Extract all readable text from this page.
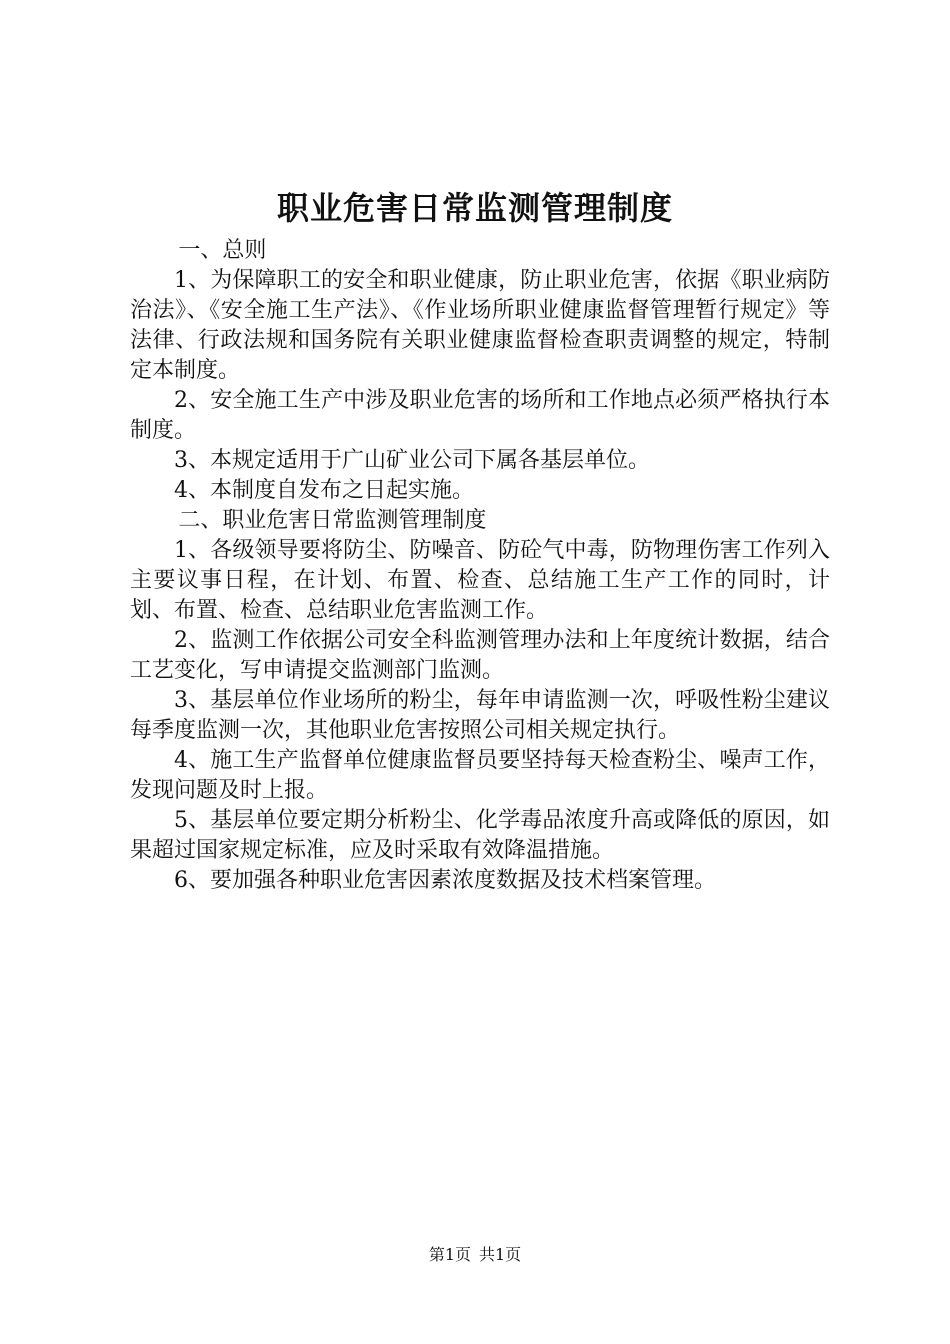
职业危害日常监测管理制度

一、总则

1、为保障职工的安全和职业健康，防止职业危害，依据《职业病防治法》、《安全施工生产法》、《作业场所职业健康监督管理暂行规定》等法律、行政法规和国务院有关职业健康监督检查职责调整的规定，特制定本制度。

2、安全施工生产中涉及职业危害的场所和工作地点必须严格执行本制度。

3、本规定适用于广山矿业公司下属各基层单位。

4、本制度自发布之日起实施。

二、职业危害日常监测管理制度

1、各级领导要将防尘、防噪音、防砼气中毒，防物理伤害工作列入主要议事日程，在计划、布置、检查、总结施工生产工作的同时，计划、布置、检查、总结职业危害监测工作。

2、监测工作依据公司安全科监测管理办法和上年度统计数据，结合工艺变化，写申请提交监测部门监测。

3、基层单位作业场所的粉尘，每年申请监测一次，呼吸性粉尘建议每季度监测一次，其他职业危害按照公司相关规定执行。

4、施工生产监督单位健康监督员要坚持每天检查粉尘、噪声工作，发现问题及时上报。

5、基层单位要定期分析粉尘、化学毒品浓度升高或降低的原因，如果超过国家规定标准，应及时采取有效降温措施。

6、要加强各种职业危害因素浓度数据及技术档案管理。

第1页 共1页
